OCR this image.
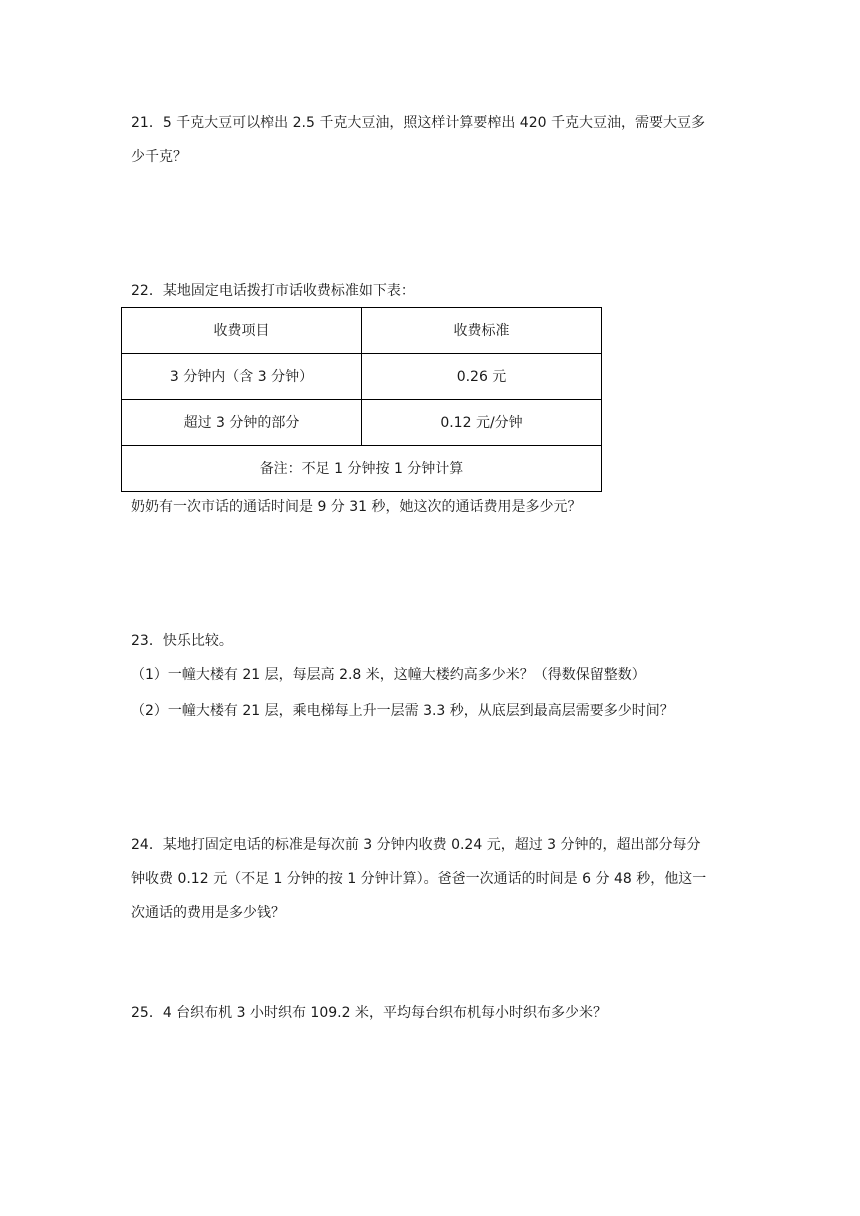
21．5 千克大豆可以榨出 2.5 千克大豆油，照这样计算要榨出 420 千克大豆油，需要大豆多
少千克？
22．某地固定电话拨打市话收费标准如下表：
收费项目	收费标准
3 分钟内（含 3 分钟）	0.26 元
超过 3 分钟的部分	0.12 元/分钟
备注：不足 1 分钟按 1 分钟计算	
奶奶有一次市话的通话时间是 9 分 31 秒，她这次的通话费用是多少元？
23．快乐比较。
（1）一幢大楼有 21 层，每层高 2.8 米，这幢大楼约高多少米？（得数保留整数）
（2）一幢大楼有 21 层，乘电梯每上升一层需 3.3 秒，从底层到最高层需要多少时间？
24．某地打固定电话的标准是每次前 3 分钟内收费 0.24 元，超过 3 分钟的，超出部分每分
钟收费 0.12 元（不足 1 分钟的按 1 分钟计算）。爸爸一次通话的时间是 6 分 48 秒，他这一
次通话的费用是多少钱？
25．4 台织布机 3 小时织布 109.2 米，平均每台织布机每小时织布多少米？
